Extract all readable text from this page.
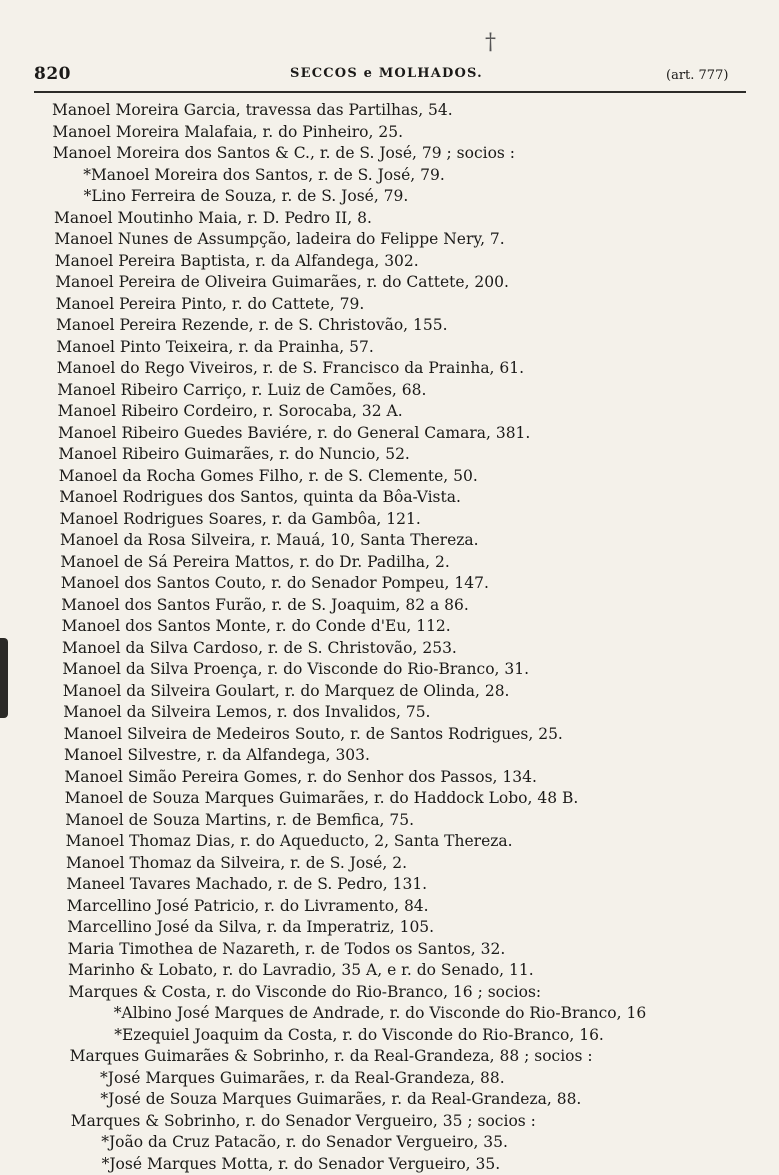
†
820	SECCOS e MOLHADOS.	(art. 777)
Manoel Moreira Garcia, travessa das Partilhas, 54.
Manoel Moreira Malafaia, r. do Pinheiro, 25.
Manoel Moreira dos Santos & C., r. de S. José, 79 ; socios :
*Manoel Moreira dos Santos, r. de S. José, 79.
*Lino Ferreira de Souza, r. de S. José, 79.
Manoel Moutinho Maia, r. D. Pedro II, 8.
Manoel Nunes de Assumpção, ladeira do Felippe Nery, 7.
Manoel Pereira Baptista, r. da Alfandega, 302.
Manoel Pereira de Oliveira Guimarães, r. do Cattete, 200.
Manoel Pereira Pinto, r. do Cattete, 79.
Manoel Pereira Rezende, r. de S. Christovão, 155.
Manoel Pinto Teixeira, r. da Prainha, 57.
Manoel do Rego Viveiros, r. de S. Francisco da Prainha, 61.
Manoel Ribeiro Carriço, r. Luiz de Camões, 68.
Manoel Ribeiro Cordeiro, r. Sorocaba, 32 A.
Manoel Ribeiro Guedes Baviére, r. do General Camara, 381.
Manoel Ribeiro Guimarães, r. do Nuncio, 52.
Manoel da Rocha Gomes Filho, r. de S. Clemente, 50.
Manoel Rodrigues dos Santos, quinta da Bôa-Vista.
Manoel Rodrigues Soares, r. da Gambôa, 121.
Manoel da Rosa Silveira, r. Mauá, 10, Santa Thereza.
Manoel de Sá Pereira Mattos, r. do Dr. Padilha, 2.
Manoel dos Santos Couto, r. do Senador Pompeu, 147.
Manoel dos Santos Furão, r. de S. Joaquim, 82 a 86.
Manoel dos Santos Monte, r. do Conde d'Eu, 112.
Manoel da Silva Cardoso, r. de S. Christovão, 253.
Manoel da Silva Proença, r. do Visconde do Rio-Branco, 31.
Manoel da Silveira Goulart, r. do Marquez de Olinda, 28.
Manoel da Silveira Lemos, r. dos Invalidos, 75.
Manoel Silveira de Medeiros Souto, r. de Santos Rodrigues, 25.
Manoel Silvestre, r. da Alfandega, 303.
Manoel Simão Pereira Gomes, r. do Senhor dos Passos, 134.
Manoel de Souza Marques Guimarães, r. do Haddock Lobo, 48 B.
Manoel de Souza Martins, r. de Bemfica, 75.
Manoel Thomaz Dias, r. do Aqueducto, 2, Santa Thereza.
Manoel Thomaz da Silveira, r. de S. José, 2.
Maneel Tavares Machado, r. de S. Pedro, 131.
Marcellino José Patricio, r. do Livramento, 84.
Marcellino José da Silva, r. da Imperatriz, 105.
Maria Timothea de Nazareth, r. de Todos os Santos, 32.
Marinho & Lobato, r. do Lavradio, 35 A, e r. do Senado, 11.
Marques & Costa, r. do Visconde do Rio-Branco, 16 ; socios:
*Albino José Marques de Andrade, r. do Visconde do Rio-Branco, 16
*Ezequiel Joaquim da Costa, r. do Visconde do Rio-Branco, 16.
Marques Guimarães & Sobrinho, r. da Real-Grandeza, 88 ; socios :
*José Marques Guimarães, r. da Real-Grandeza, 88.
*José de Souza Marques Guimarães, r. da Real-Grandeza, 88.
Marques & Sobrinho, r. do Senador Vergueiro, 35 ; socios :
*João da Cruz Patacão, r. do Senador Vergueiro, 35.
*José Marques Motta, r. do Senador Vergueiro, 35.
